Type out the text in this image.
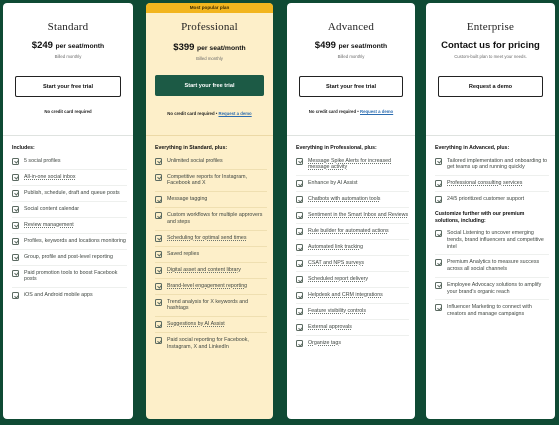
Standard
$249 per seat/month
Billed monthly
Start your free trial
No credit card required
Includes:
5 social profiles
All-in-one social inbox
Publish, schedule, draft and queue posts
Social content calendar
Review management
Profiles, keywords and locations monitoring
Group, profile and post-level reporting
Paid promotion tools to boost Facebook posts
iOS and Android mobile apps
Most popular plan
Professional
$399 per seat/month
Billed monthly
Start your free trial
No credit card required • Request a demo
Everything in Standard, plus:
Unlimited social profiles
Competitive reports for Instagram, Facebook and X
Message tagging
Custom workflows for multiple approvers and steps
Scheduling for optimal send times
Saved replies
Digital asset and content library
Brand-level engagement reporting
Trend analysis for X keywords and hashtags
Suggestions by AI Assist
Paid social reporting for Facebook, Instagram, X and LinkedIn
Advanced
$499 per seat/month
Billed monthly
Start your free trial
No credit card required • Request a demo
Everything in Professional, plus:
Message Spike Alerts for increased message activity
Enhance by AI Assist
Chatbots with automation tools
Sentiment in the Smart Inbox and Reviews
Rule builder for automated actions
Automated link tracking
CSAT and NPS surveys
Scheduled report delivery
Helpdesk and CRM integrations
Feature visibility controls
External approvals
Organize tags
Enterprise
Contact us for pricing
Custom-built plan to meet your needs.
Request a demo
Everything in Advanced, plus:
Tailored implementation and onboarding to get teams up and running quickly
Professional consulting services
24/5 prioritized customer support
Customize further with our premium solutions, including:
Social Listening to uncover emerging trends, brand influencers and competitive intel
Premium Analytics to measure success across all social channels
Employee Advocacy solutions to amplify your brand's organic reach
Influencer Marketing to connect with creators and manage campaigns
